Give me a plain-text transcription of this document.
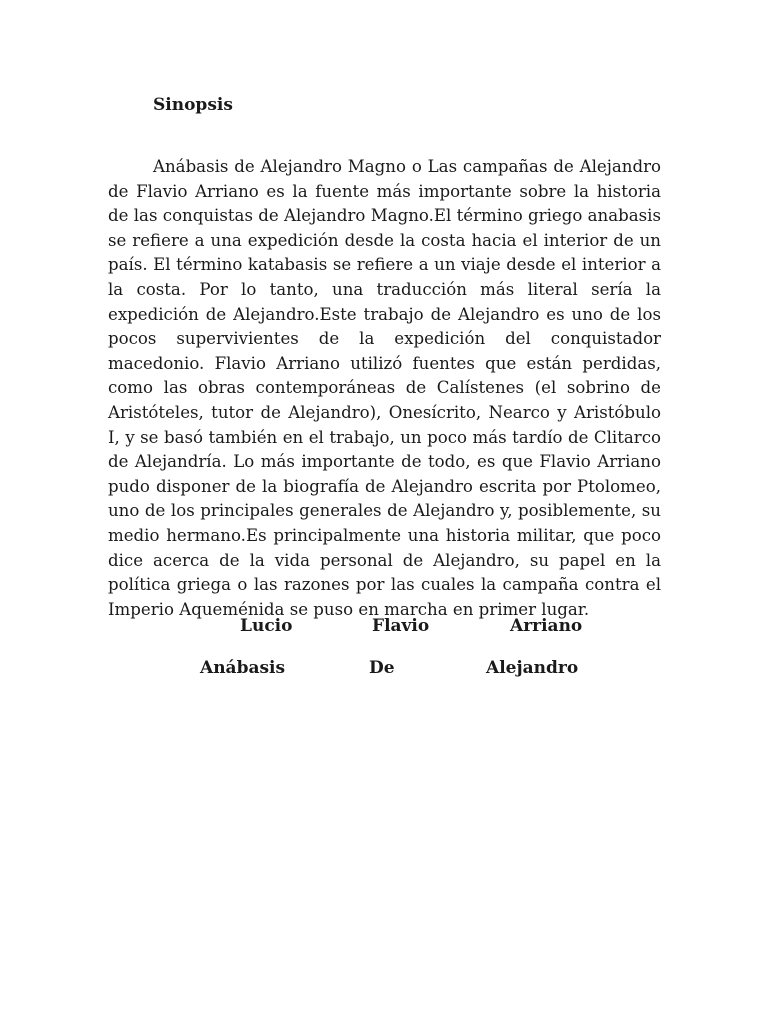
Sinopsis

Anábasis de Alejandro Magno o Las campañas de Alejandro de Flavio Arriano es la fuente más importante sobre la historia de las conquistas de Alejandro Magno.El término griego anabasis se refiere a una expedición desde la costa hacia el interior de un país. El término katabasis se refiere a un viaje desde el interior a la costa. Por lo tanto, una traducción más literal sería la expedición de Alejandro.Este trabajo de Alejandro es uno de los pocos supervivientes de la expedición del conquistador macedonio. Flavio Arriano utilizó fuentes que están perdidas, como las obras contemporáneas de Calístenes (el sobrino de Aristóteles, tutor de Alejandro), Onesícrito, Nearco y Aristóbulo I, y se basó también en el trabajo, un poco más tardío de Clitarco de Alejandría. Lo más importante de todo, es que Flavio Arriano pudo disponer de la biografía de Alejandro escrita por Ptolomeo, uno de los principales generales de Alejandro y, posiblemente, su medio hermano.Es principalmente una historia militar, que poco dice acerca de la vida personal de Alejandro, su papel en la política griega o las razones por las cuales la campaña contra el Imperio Aqueménida se puso en marcha en primer lugar.

Lucio	Flavio	Arriano
Anábasis	De	Alejandro
